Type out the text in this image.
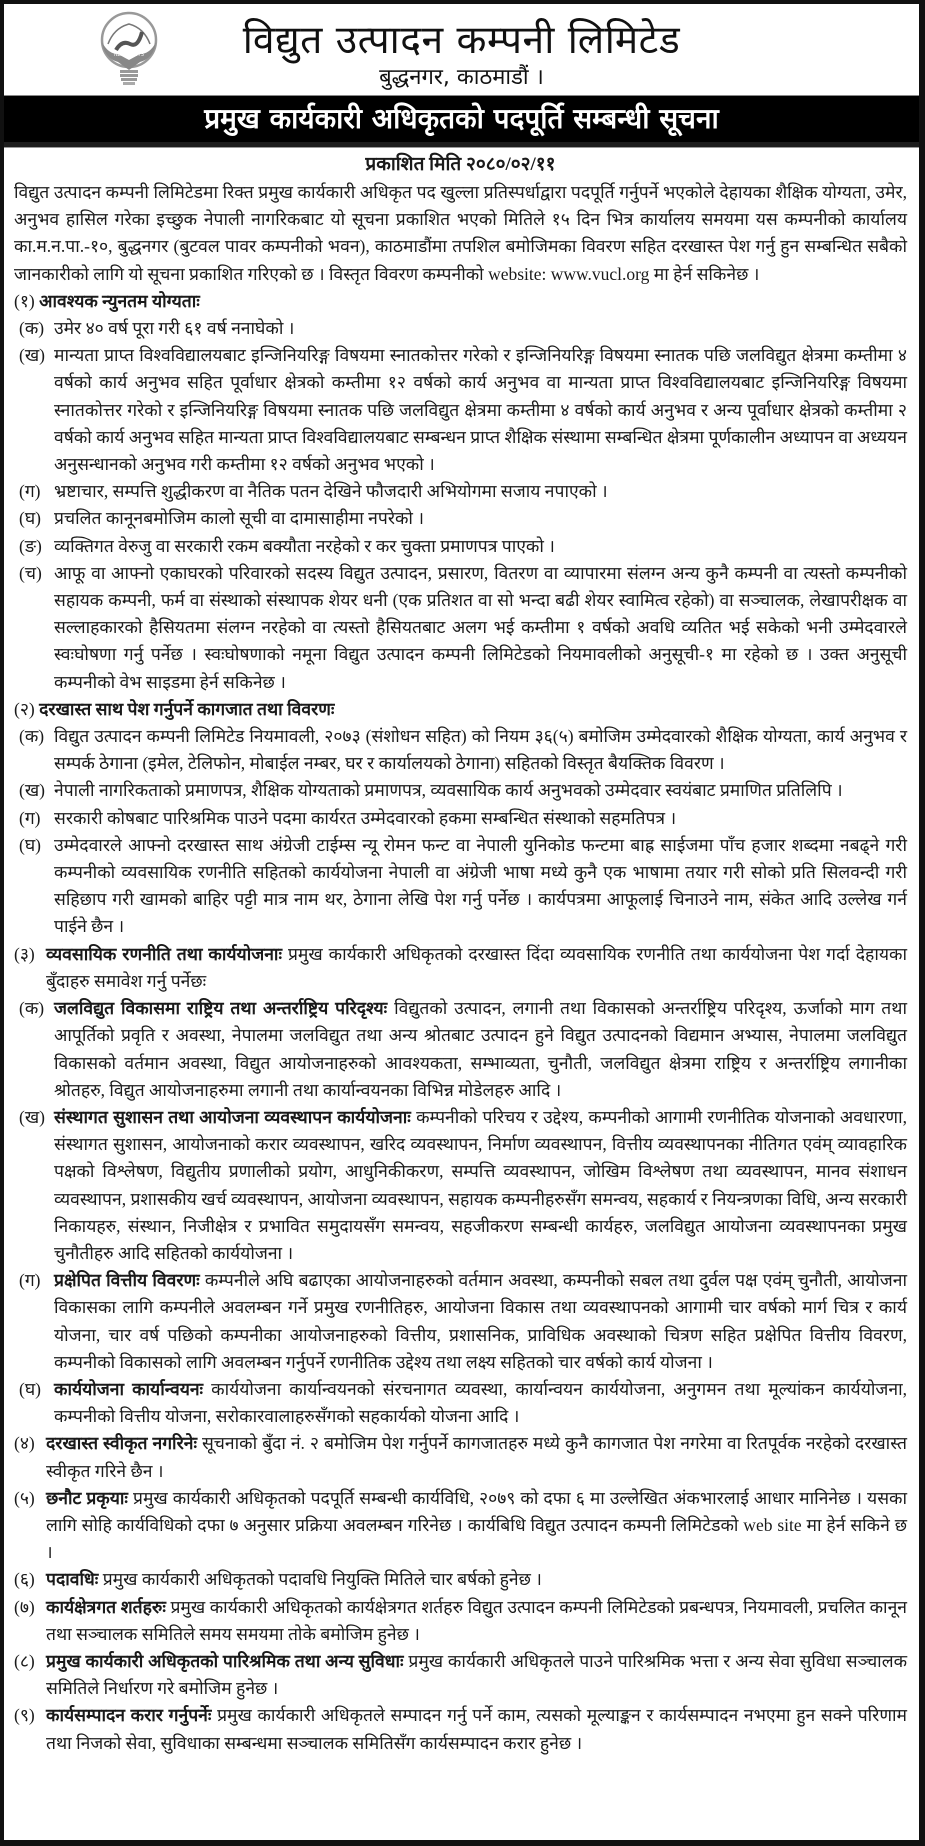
NEPAL 2073	विद्युत उत्पादन कम्पनी लिमिटेड
बुद्धनगर, काठमाडौं ।
प्रमुख कार्यकारी अधिकृतको पदपूर्ति सम्बन्धी सूचना
प्रकाशित मिति २०८०/०२/११

विद्युत उत्पादन कम्पनी लिमिटेडमा रिक्त प्रमुख कार्यकारी अधिकृत पद खुल्ला प्रतिस्पर्धाद्वारा पदपूर्ति गर्नुपर्ने भएकोले देहायका शैक्षिक योग्यता, उमेर, अनुभव हासिल गरेका इच्छुक नेपाली नागरिकबाट यो सूचना प्रकाशित भएको मितिले १५ दिन भित्र कार्यालय समयमा यस कम्पनीको कार्यालय का.म.न.पा.-१०, बुद्धनगर (बुटवल पावर कम्पनीको भवन), काठमाडौंमा तपशिल बमोजिमका विवरण सहित दरखास्त पेश गर्नु हुन सम्बन्धित सबैको जानकारीको लागि यो सूचना प्रकाशित गरिएको छ । विस्तृत विवरण कम्पनीको website: www.vucl.org मा हेर्न सकिनेछ ।

(१) आवश्यक न्युनतम योग्यताः

(क) उमेर ४० वर्ष पूरा गरी ६१ वर्ष ननाघेको ।
(ख) मान्यता प्राप्त विश्वविद्यालयबाट इन्जिनियरिङ्ग विषयमा स्नातकोत्तर गरेको र इन्जिनियरिङ्ग विषयमा स्नातक पछि जलविद्युत क्षेत्रमा कम्तीमा ४ वर्षको कार्य अनुभव सहित पूर्वाधार क्षेत्रको कम्तीमा १२ वर्षको कार्य अनुभव वा मान्यता प्राप्त विश्वविद्यालयबाट इन्जिनियरिङ्ग विषयमा स्नातकोत्तर गरेको र इन्जिनियरिङ्ग विषयमा स्नातक पछि जलविद्युत क्षेत्रमा कम्तीमा ४ वर्षको कार्य अनुभव र अन्य पूर्वाधार क्षेत्रको कम्तीमा २ वर्षको कार्य अनुभव सहित मान्यता प्राप्त विश्वविद्यालयबाट सम्बन्धन प्राप्त शैक्षिक संस्थामा सम्बन्धित क्षेत्रमा पूर्णकालीन अध्यापन वा अध्ययन अनुसन्धानको अनुभव गरी कम्तीमा १२ वर्षको अनुभव भएको ।
(ग) भ्रष्टाचार, सम्पत्ति शुद्धीकरण वा नैतिक पतन देखिने फौजदारी अभियोगमा सजाय नपाएको ।
(घ) प्रचलित कानूनबमोजिम कालो सूची वा दामासाहीमा नपरेको ।
(ङ) व्यक्तिगत वेरुजु वा सरकारी रकम बक्यौता नरहेको र कर चुक्ता प्रमाणपत्र पाएको ।
(च) आफू वा आफ्नो एकाघरको परिवारको सदस्य विद्युत उत्पादन, प्रसारण, वितरण वा व्यापारमा संलग्न अन्य कुनै कम्पनी वा त्यस्तो कम्पनीको सहायक कम्पनी, फर्म वा संस्थाको संस्थापक शेयर धनी (एक प्रतिशत वा सो भन्दा बढी शेयर स्वामित्व रहेको) वा सञ्चालक, लेखापरीक्षक वा सल्लाहकारको हैसियतमा संलग्न नरहेको वा त्यस्तो हैसियतबाट अलग भई कम्तीमा १ वर्षको अवधि व्यतित भई सकेको भनी उम्मेदवारले स्वःघोषणा गर्नु पर्नेछ । स्वःघोषणाको नमूना विद्युत उत्पादन कम्पनी लिमिटेडको नियमावलीको अनुसूची-१ मा रहेको छ । उक्त अनुसूची कम्पनीको वेभ साइडमा हेर्न सकिनेछ ।

(२) दरखास्त साथ पेश गर्नुपर्ने कागजात तथा विवरणः

(क) विद्युत उत्पादन कम्पनी लिमिटेड नियमावली, २०७३ (संशोधन सहित) को नियम ३६(५) बमोजिम उम्मेदवारको शैक्षिक योग्यता, कार्य अनुभव र सम्पर्क ठेगाना (इमेल, टेलिफोन, मोबाईल नम्बर, घर र कार्यालयको ठेगाना) सहितको विस्तृत बैयक्तिक विवरण ।
(ख) नेपाली नागरिकताको प्रमाणपत्र, शैक्षिक योग्यताको प्रमाणपत्र, व्यवसायिक कार्य अनुभवको उम्मेदवार स्वयंबाट प्रमाणित प्रतिलिपि ।
(ग) सरकारी कोषबाट पारिश्रमिक पाउने पदमा कार्यरत उम्मेदवारको हकमा सम्बन्धित संस्थाको सहमतिपत्र ।
(घ) उम्मेदवारले आफ्नो दरखास्त साथ अंग्रेजी टाईम्स न्यू रोमन फन्ट वा नेपाली युनिकोड फन्टमा बाह्र साईजमा पाँच हजार शब्दमा नबढ्ने गरी कम्पनीको व्यवसायिक रणनीति सहितको कार्ययोजना नेपाली वा अंग्रेजी भाषा मध्ये कुनै एक भाषामा तयार गरी सोको प्रति सिलवन्दी गरी सहिछाप गरी खामको बाहिर पट्टी मात्र नाम थर, ठेगाना लेखि पेश गर्नु पर्नेछ । कार्यपत्रमा आफूलाई चिनाउने नाम, संकेत आदि उल्लेख गर्न पाईने छैन ।
(३) व्यवसायिक रणनीति तथा कार्ययोजनाः प्रमुख कार्यकारी अधिकृतको दरखास्त दिंदा व्यवसायिक रणनीति तथा कार्ययोजना पेश गर्दा देहायका बुँदाहरु समावेश गर्नु पर्नेछः
(क) जलविद्युत विकासमा राष्ट्रिय तथा अन्तर्राष्ट्रिय परिदृश्यः विद्युतको उत्पादन, लगानी तथा विकासको अन्तर्राष्ट्रिय परिदृश्य, ऊर्जाको माग तथा आपूर्तिको प्रवृति र अवस्था, नेपालमा जलविद्युत तथा अन्य श्रोतबाट उत्पादन हुने विद्युत उत्पादनको विद्यमान अभ्यास, नेपालमा जलविद्युत विकासको वर्तमान अवस्था, विद्युत आयोजनाहरुको आवश्यकता, सम्भाव्यता, चुनौती, जलविद्युत क्षेत्रमा राष्ट्रिय र अन्तर्राष्ट्रिय लगानीका श्रोतहरु, विद्युत आयोजनाहरुमा लगानी तथा कार्यान्वयनका विभिन्न मोडेलहरु आदि ।
(ख) संस्थागत सुशासन तथा आयोजना व्यवस्थापन कार्ययोजनाः कम्पनीको परिचय र उद्देश्य, कम्पनीको आगामी रणनीतिक योजनाको अवधारणा, संस्थागत सुशासन, आयोजनाको करार व्यवस्थापन, खरिद व्यवस्थापन, निर्माण व्यवस्थापन, वित्तीय व्यवस्थापनका नीतिगत एवंम् व्यावहारिक पक्षको विश्लेषण, विद्युतीय प्रणालीको प्रयोग, आधुनिकीकरण, सम्पत्ति व्यवस्थापन, जोखिम विश्लेषण तथा व्यवस्थापन, मानव संशाधन व्यवस्थापन, प्रशासकीय खर्च व्यवस्थापन, आयोजना व्यवस्थापन, सहायक कम्पनीहरुसँग समन्वय, सहकार्य र नियन्त्रणका विधि, अन्य सरकारी निकायहरु, संस्थान, निजीक्षेत्र र प्रभावित समुदायसँग समन्वय, सहजीकरण सम्बन्धी कार्यहरु, जलविद्युत आयोजना व्यवस्थापनका प्रमुख चुनौतीहरु आदि सहितको कार्ययोजना ।
(ग) प्रक्षेपित वित्तीय विवरणः कम्पनीले अघि बढाएका आयोजनाहरुको वर्तमान अवस्था, कम्पनीको सबल तथा दुर्वल पक्ष एवंम् चुनौती, आयोजना विकासका लागि कम्पनीले अवलम्बन गर्ने प्रमुख रणनीतिहरु, आयोजना विकास तथा व्यवस्थापनको आगामी चार वर्षको मार्ग चित्र र कार्य योजना, चार वर्ष पछिको कम्पनीका आयोजनाहरुको वित्तीय, प्रशासनिक, प्राविधिक अवस्थाको चित्रण सहित प्रक्षेपित वित्तीय विवरण, कम्पनीको विकासको लागि अवलम्बन गर्नुपर्ने रणनीतिक उद्देश्य तथा लक्ष्य सहितको चार वर्षको कार्य योजना ।
(घ) कार्ययोजना कार्यान्वयनः कार्ययोजना कार्यान्वयनको संरचनागत व्यवस्था, कार्यान्वयन कार्ययोजना, अनुगमन तथा मूल्यांकन कार्ययोजना, कम्पनीको वित्तीय योजना, सरोकारवालाहरुसँगको सहकार्यको योजना आदि ।
(४) दरखास्त स्वीकृत नगरिनेः सूचनाको बुँदा नं. २ बमोजिम पेश गर्नुपर्ने कागजातहरु मध्ये कुनै कागजात पेश नगरेमा वा रितपूर्वक नरहेको दरखास्त स्वीकृत गरिने छैन ।
(५) छनौट प्रकृयाः प्रमुख कार्यकारी अधिकृतको पदपूर्ति सम्बन्धी कार्यविधि, २०७९ को दफा ६ मा उल्लेखित अंकभारलाई आधार मानिनेछ । यसका लागि सोहि कार्यविधिको दफा ७ अनुसार प्रक्रिया अवलम्बन गरिनेछ । कार्यबिधि विद्युत उत्पादन कम्पनी लिमिटेडको web site मा हेर्न सकिने छ ।
(६) पदावधिः प्रमुख कार्यकारी अधिकृतको पदावधि नियुक्ति मितिले चार बर्षको हुनेछ ।
(७) कार्यक्षेत्रगत शर्तहरुः प्रमुख कार्यकारी अधिकृतको कार्यक्षेत्रगत शर्तहरु विद्युत उत्पादन कम्पनी लिमिटेडको प्रबन्धपत्र, नियमावली, प्रचलित कानून तथा सञ्चालक समितिले समय समयमा तोके बमोजिम हुनेछ ।
(८) प्रमुख कार्यकारी अधिकृतको पारिश्रमिक तथा अन्य सुविधाः प्रमुख कार्यकारी अधिकृतले पाउने पारिश्रमिक भत्ता र अन्य सेवा सुविधा सञ्चालक समितिले निर्धारण गरे बमोजिम हुनेछ ।
(९) कार्यसम्पादन करार गर्नुपर्नेः प्रमुख कार्यकारी अधिकृतले सम्पादन गर्नु पर्ने काम, त्यसको मूल्याङ्कन र कार्यसम्पादन नभएमा हुन सक्ने परिणाम तथा निजको सेवा, सुविधाका सम्बन्धमा सञ्चालक समितिसँग कार्यसम्पादन करार हुनेछ ।
